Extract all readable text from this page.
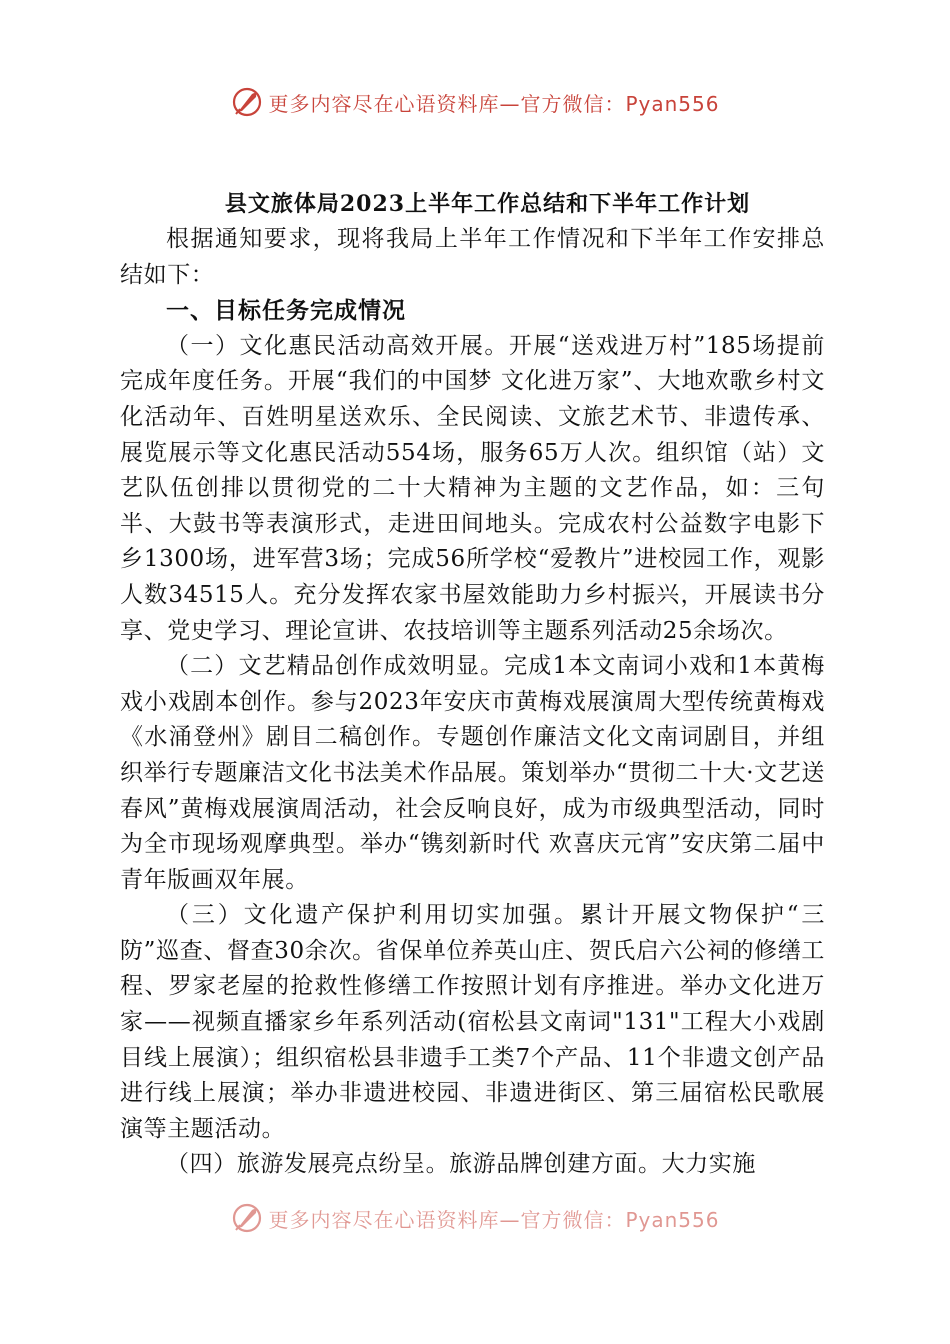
更多内容尽在心语资料库—官方微信：Pyan556
县文旅体局2023上半年工作总结和下半年工作计划

根据通知要求，现将我局上半年工作情况和下半年工作安排总结如下：

一、目标任务完成情况

（一）文化惠民活动高效开展。开展“送戏进万村”185场提前完成年度任务。开展“我们的中国梦 文化进万家”、大地欢歌乡村文化活动年、百姓明星送欢乐、全民阅读、文旅艺术节、非遗传承、展览展示等文化惠民活动554场，服务65万人次。组织馆（站）文艺队伍创排以贯彻党的二十大精神为主题的文艺作品，如：三句半、大鼓书等表演形式，走进田间地头。完成农村公益数字电影下乡1300场，进军营3场；完成56所学校“爱教片”进校园工作，观影人数34515人。充分发挥农家书屋效能助力乡村振兴，开展读书分享、党史学习、理论宣讲、农技培训等主题系列活动25余场次。

（二）文艺精品创作成效明显。完成1本文南词小戏和1本黄梅戏小戏剧本创作。参与2023年安庆市黄梅戏展演周大型传统黄梅戏《水涌登州》剧目二稿创作。专题创作廉洁文化文南词剧目，并组织举行专题廉洁文化书法美术作品展。策划举办“贯彻二十大·文艺送春风”黄梅戏展演周活动，社会反响良好，成为市级典型活动，同时为全市现场观摩典型。举办“镌刻新时代 欢喜庆元宵”安庆第二届中青年版画双年展。

（三）文化遗产保护利用切实加强。累计开展文物保护“三防”巡查、督查30余次。省保单位养英山庄、贺氏启六公祠的修缮工程、罗家老屋的抢救性修缮工作按照计划有序推进。举办文化进万家——视频直播家乡年系列活动(宿松县文南词"131"工程大小戏剧目线上展演）；组织宿松县非遗手工类7个产品、11个非遗文创产品进行线上展演；举办非遗进校园、非遗进街区、第三届宿松民歌展演等主题活动。

（四）旅游发展亮点纷呈。旅游品牌创建方面。大力实施

更多内容尽在心语资料库—官方微信：Pyan556
